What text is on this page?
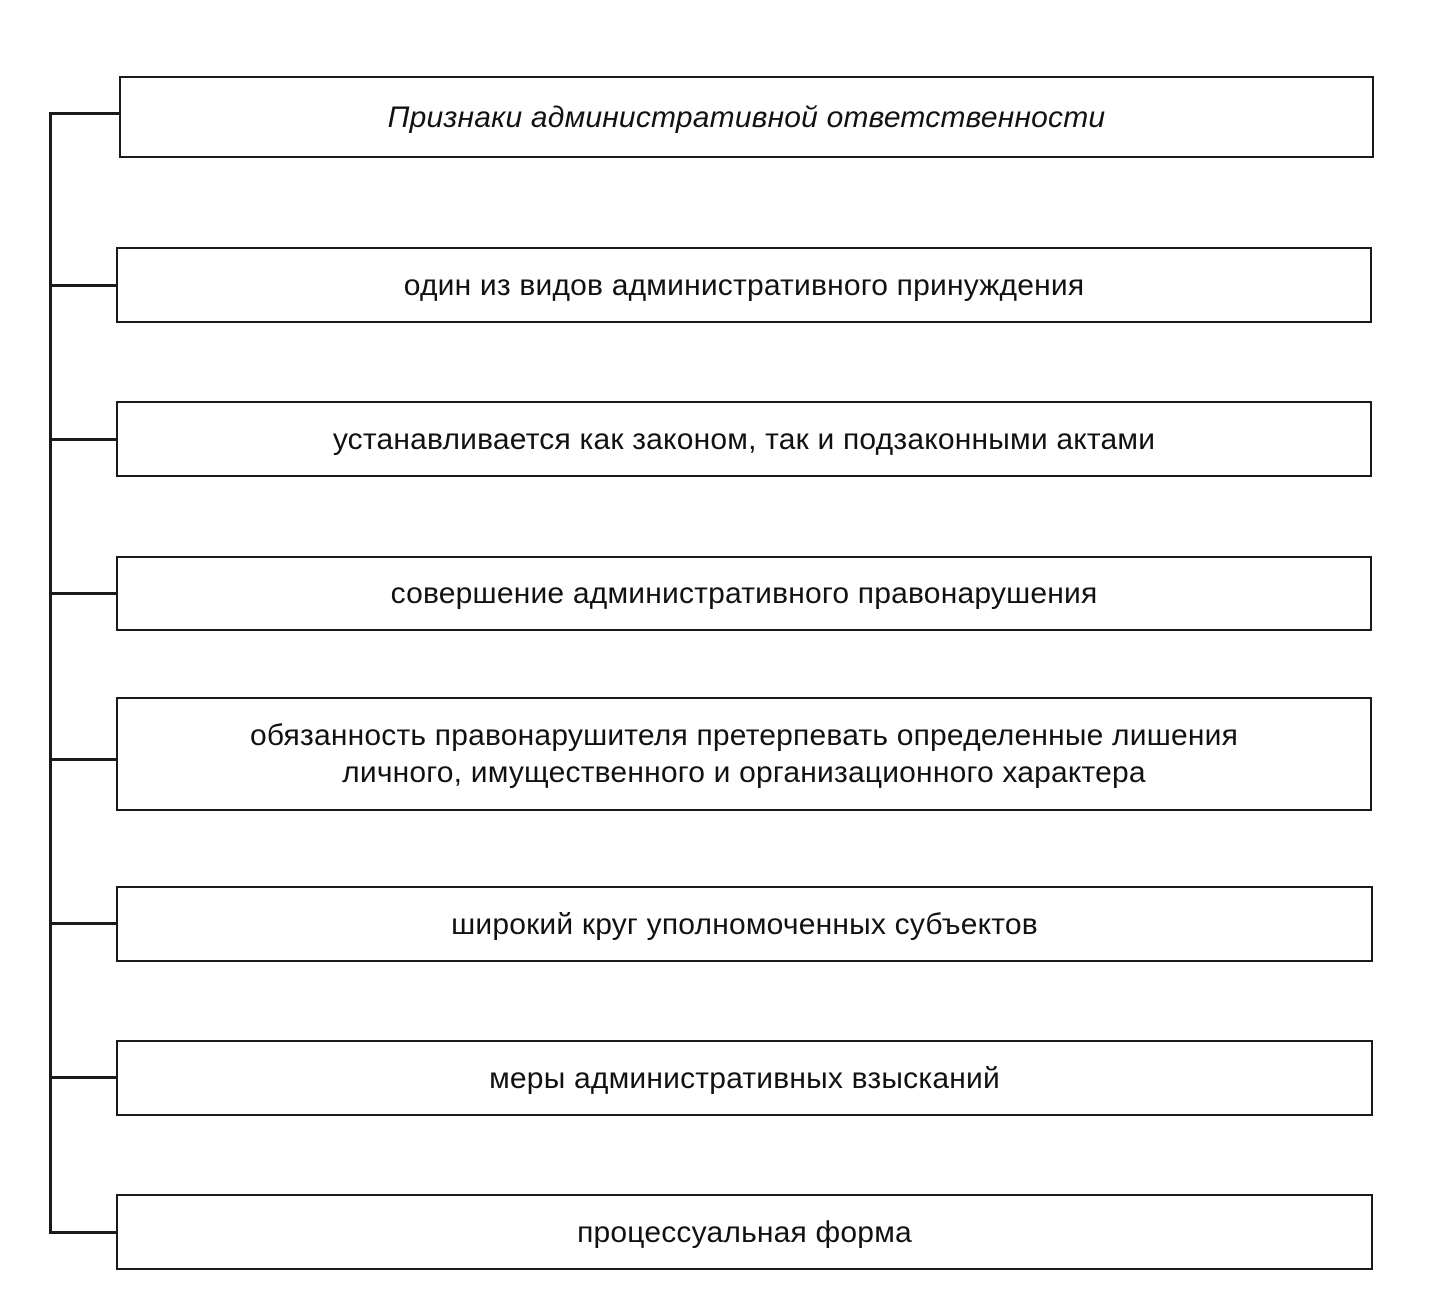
Признаки административной ответственности
один из видов административного принуждения
устанавливается как законом, так и подзаконными актами
совершение административного правонарушения
обязанность правонарушителя претерпевать определенные лишения
личного, имущественного и организационного характера
широкий круг уполномоченных субъектов
меры административных взысканий
процессуальная форма
